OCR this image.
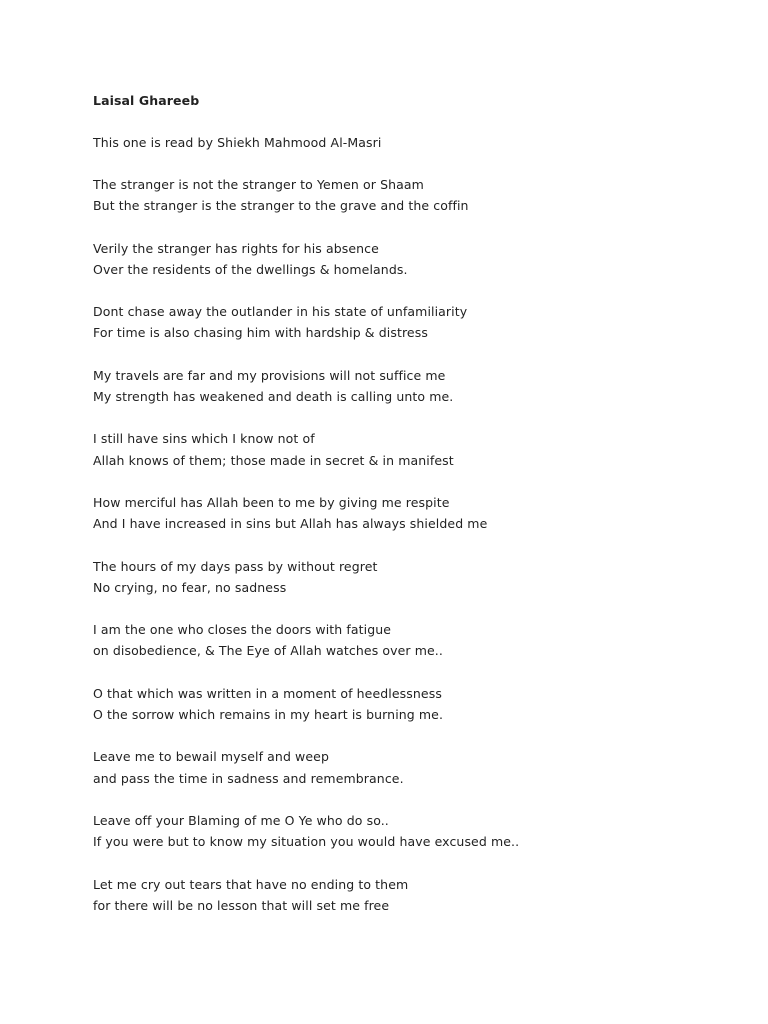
Laisal Ghareeb
This one is read by Shiekh Mahmood Al-Masri
The stranger is not the stranger to Yemen or Shaam
But the stranger is the stranger to the grave and the coffin
Verily the stranger has rights for his absence
Over the residents of the dwellings & homelands.
Dont chase away the outlander in his state of unfamiliarity
For time is also chasing him with hardship & distress
My travels are far and my provisions will not suffice me
My strength has weakened and death is calling unto me.
I still have sins which I know not of
Allah knows of them; those made in secret & in manifest
How merciful has Allah been to me by giving me respite
And I have increased in sins but Allah has always shielded me
The hours of my days pass by without regret
No crying, no fear, no sadness
I am the one who closes the doors with fatigue
on disobedience, & The Eye of Allah watches over me..
O that which was written in a moment of heedlessness
O the sorrow which remains in my heart is burning me.
Leave me to bewail myself and weep
and pass the time in sadness and remembrance.
Leave off your Blaming of me O Ye who do so..
If you were but to know my situation you would have excused me..
Let me cry out tears that have no ending to them
for there will be no lesson that will set me free
